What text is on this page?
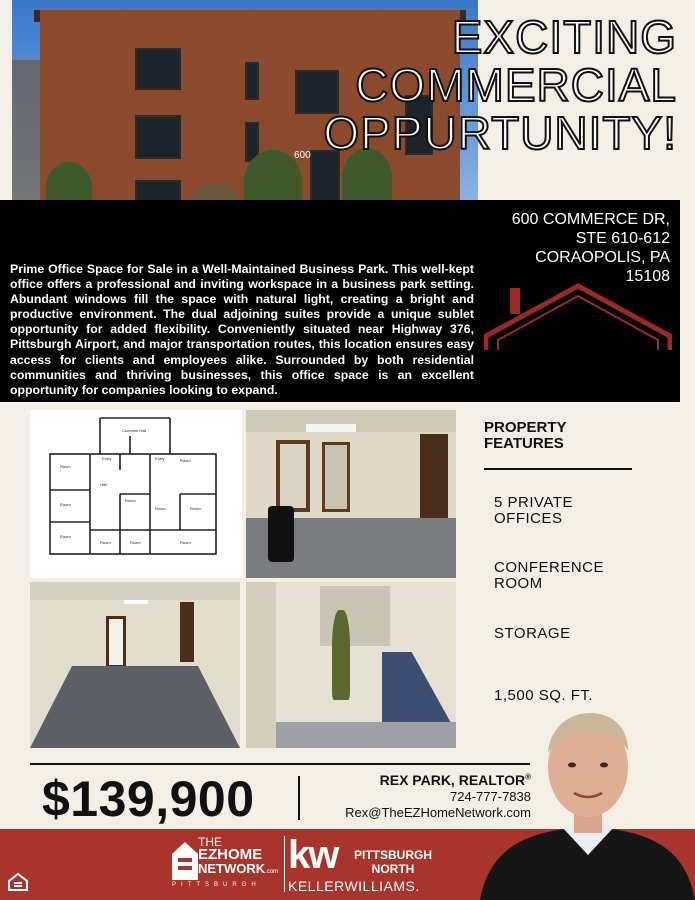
600
EXCITING
COMMERCIAL
OPPURTUNITY!
600 COMMERCE DR,
STE 610-612
CORAOPOLIS, PA
15108

Prime Office Space for Sale in a Well-Maintained Business Park. This well-kept office offers a professional and inviting workspace in a business park setting. Abundant windows fill the space with natural light, creating a bright and productive environment. The dual adjoining suites provide a unique sublet opportunity for added flexibility. Conveniently situated near Highway 376, Pittsburgh Airport, and major transportation routes, this location ensures easy access for clients and employees alike. Surrounded by both residential communities and thriving businesses, this office space is an excellent opportunity for companies looking to expand.

Common Hall
Room
Entry	Room
Entry
Room
Hall
Room
Room	Room
Room
Room	Room	Room
PROPERTY
FEATURES
5 PRIVATE
OFFICES
CONFERENCE
ROOM
STORAGE
1,500 SQ. FT.
$139,900	REX PARK, REALTOR®
724-777-7838
Rex@TheEZHomeNetwork.com
THE
EZHOME
NETWORK.com
PITTSBURGH
kw PITTSBURGH
NORTH
KELLERWILLIAMS.
